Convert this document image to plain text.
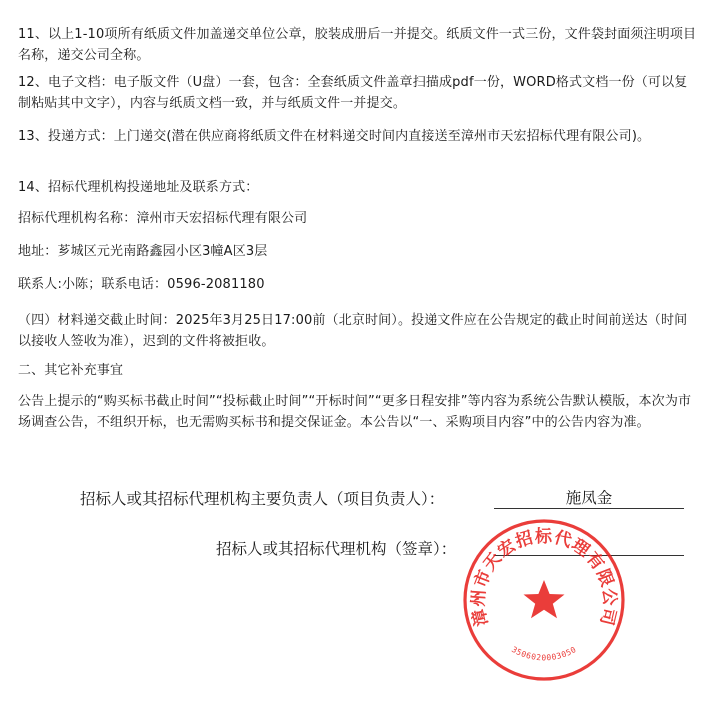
11、以上1-10项所有纸质文件加盖递交单位公章，胶装成册后一并提交。纸质文件一式三份，文件袋封面须注明项目名称，递交公司全称。

12、电子文档：电子版文件（U盘）一套，包含：全套纸质文件盖章扫描成pdf一份，WORD格式文档一份（可以复制粘贴其中文字），内容与纸质文档一致，并与纸质文件一并提交。

13、投递方式：上门递交(潜在供应商将纸质文件在材料递交时间内直接送至漳州市天宏招标代理有限公司)。

14、招标代理机构投递地址及联系方式：

招标代理机构名称：漳州市天宏招标代理有限公司

地址：芗城区元光南路鑫园小区3幢A区3层

联系人:小陈；联系电话：0596-2081180

（四）材料递交截止时间：2025年3月25日17:00前（北京时间）。投递文件应在公告规定的截止时间前送达（时间以接收人签收为准），迟到的文件将被拒收。

二、其它补充事宜

公告上提示的“购买标书截止时间”“投标截止时间”“开标时间”“更多日程安排”等内容为系统公告默认模版，本次为市场调查公告，不组织开标，也无需购买标书和提交保证金。本公告以“一、采购项目内容”中的公告内容为准。

招标人或其招标代理机构主要负责人（项目负责人）：	施凤金
招标人或其招标代理机构（签章）：
漳州市天宏招标代理有限公司
3506020003050
